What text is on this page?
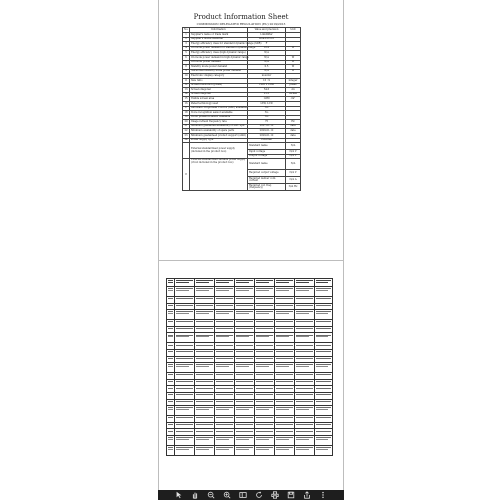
Product Information Sheet
COMMISSION DELEGATED REGULATION (EU) 2019/2013
No.	Information	Value and precision	Unit
1	Supplier's name or trade mark	LinkDiffer	
2	Supplier's model identifier	Link-22TL01	
3	Energy efficiency class for standard dynamic range (SDR)	F	
4	On mode power demand for standard dynamic range	16.0	W
5	Energy efficiency class (high dynamic range)	N/A	
6	On mode power demand in high dynamic range	N/A	W
7	Off mode power demand	N/A	W
8	Standby mode power demand	0.5	W
9	Networked standby mode power demand	N/A	W
10	Electronic display category	monitor	
11	Size ratio	16 : 9	integer
12	Screen resolution (pixels)	1920 x 1080	pixels
13	Screen diagonal	54.6	cm
14	Screen diagonal	21.5	inches
15	Visible screen area	1280	cm²
16	Panel technology used	LED, LCD	
17	Automatic Brightness Control (ABC) available	No	
18	Voice recognition sensor available	No	
19	Room presence sensor available	No	
20	Image refresh frequency rate	75	Hz
21	Minimum guarantee availability of soft. upd.	2027-01-12	date
22	Minimum availability of spare parts	2029-01-12	date
23	Minimum guaranteed product support (until)	2029-01-12	date
24	Power supply type	External	
	External standardised power supply (included in the product box)	Standard name	N/A
		Input voltage	N/A V
		Output voltage	N/A V
8	External standardised suitable power supply (if not included in the product box)	Standard name	N/A
		Required output voltage	N/A V
		Required deliver cont. current	N/A A
		Required cur. freq. (frequency)	N/A Hz
